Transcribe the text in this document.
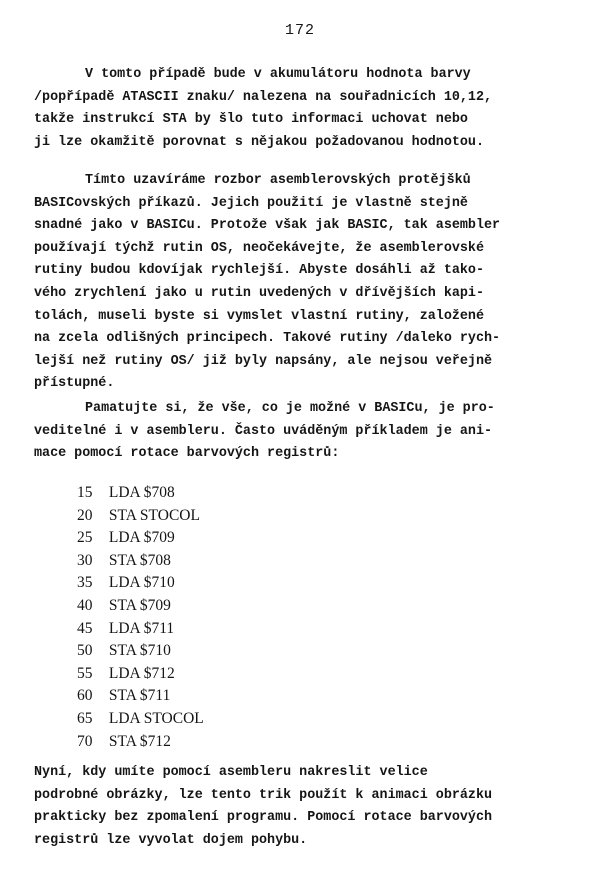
172
V tomto případě bude v akumulátoru hodnota barvy
/popřípadě ATASCII znaku/ nalezena na souřadnicích 10,12,
takže instrukcí STA by šlo tuto informaci uchovat nebo
ji lze okamžitě porovnat s nějakou požadovanou hodnotou.
Tímto uzavíráme rozbor asemblerovských protějšků
BASICovských příkazů. Jejich použití je vlastně stejně
snadné jako v BASICu. Protože však jak BASIC, tak asembler
používají týchž rutin OS, neočekávejte, že asemblerovské
rutiny budou kdovíjak rychlejší. Abyste dosáhli až tako-
vého zrychlení jako u rutin uvedených v dřívějších kapi-
tolách, museli byste si vymslet vlastní rutiny, založené
na zcela odlišných principech. Takové rutiny /daleko rych-
lejší než rutiny OS/ již byly napsány, ale nejsou veřejně
přístupné.
Pamatujte si, že vše, co je možné v BASICu, je pro-
veditelné i v asembleru. Často uváděným příkladem je ani-
mace pomocí rotace barvových registrů:
15 LDA $708
20 STA STOCOL
25 LDA $709
30 STA $708
35 LDA $710
40 STA $709
45 LDA $711
50 STA $710
55 LDA $712
60 STA $711
65 LDA STOCOL
70 STA $712
Nyní, kdy umíte pomocí asembleru nakreslit velice
podrobné obrázky, lze tento trik použít k animaci obrázku
prakticky bez zpomalení programu. Pomocí rotace barvových
registrů lze vyvolat dojem pohybu.
